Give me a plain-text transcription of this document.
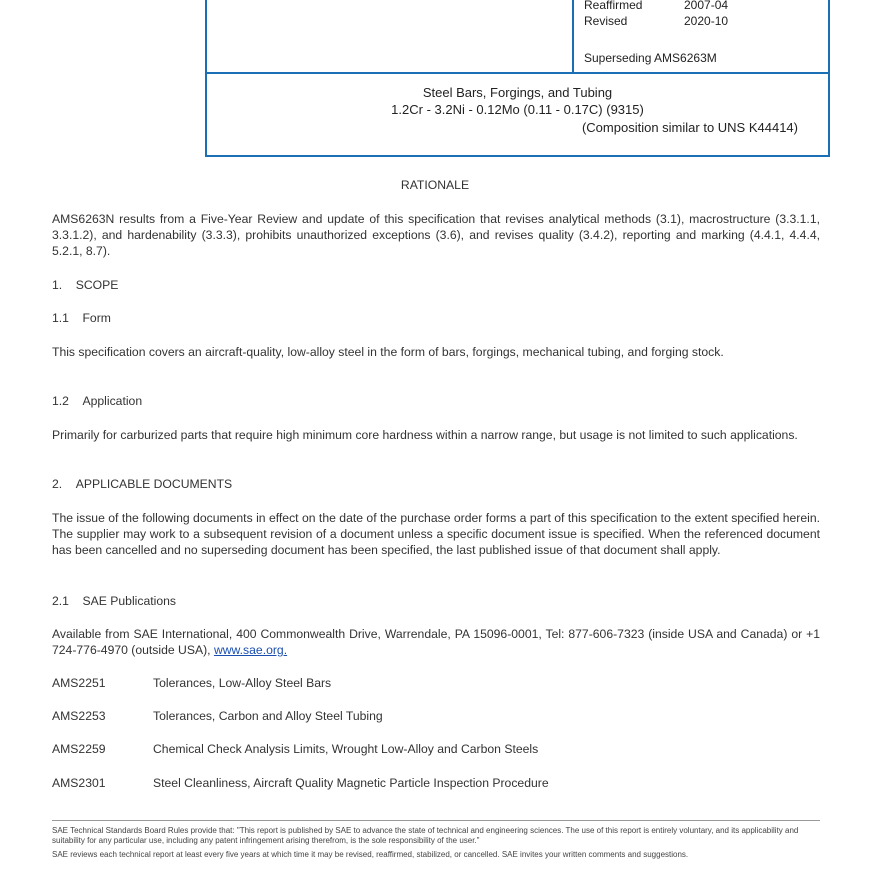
Reaffirmed	2007-04
Revised	2020-10
Superseding AMS6263M
Steel Bars, Forgings, and Tubing
1.2Cr - 3.2Ni - 0.12Mo (0.11 - 0.17C) (9315)
(Composition similar to UNS K44414)
RATIONALE
AMS6263N results from a Five-Year Review and update of this specification that revises analytical methods (3.1), macrostructure (3.3.1.1, 3.3.1.2), and hardenability (3.3.3), prohibits unauthorized exceptions (3.6), and revises quality (3.4.2), reporting and marking (4.4.1, 4.4.4, 5.2.1, 8.7).
1.    SCOPE
1.1    Form
This specification covers an aircraft-quality, low-alloy steel in the form of bars, forgings, mechanical tubing, and forging stock.
1.2    Application
Primarily for carburized parts that require high minimum core hardness within a narrow range, but usage is not limited to such applications.
2.    APPLICABLE DOCUMENTS
The issue of the following documents in effect on the date of the purchase order forms a part of this specification to the extent specified herein. The supplier may work to a subsequent revision of a document unless a specific document issue is specified. When the referenced document has been cancelled and no superseding document has been specified, the last published issue of that document shall apply.
2.1    SAE Publications
Available from SAE International, 400 Commonwealth Drive, Warrendale, PA 15096-0001, Tel: 877-606-7323 (inside USA and Canada) or +1 724-776-4970 (outside USA), www.sae.org.
AMS2251	Tolerances, Low-Alloy Steel Bars
AMS2253	Tolerances, Carbon and Alloy Steel Tubing
AMS2259	Chemical Check Analysis Limits, Wrought Low-Alloy and Carbon Steels
AMS2301	Steel Cleanliness, Aircraft Quality Magnetic Particle Inspection Procedure
SAE Technical Standards Board Rules provide that: "This report is published by SAE to advance the state of technical and engineering sciences. The use of this report is entirely voluntary, and its applicability and suitability for any particular use, including any patent infringement arising therefrom, is the sole responsibility of the user."
SAE reviews each technical report at least every five years at which time it may be revised, reaffirmed, stabilized, or cancelled. SAE invites your written comments and suggestions.
